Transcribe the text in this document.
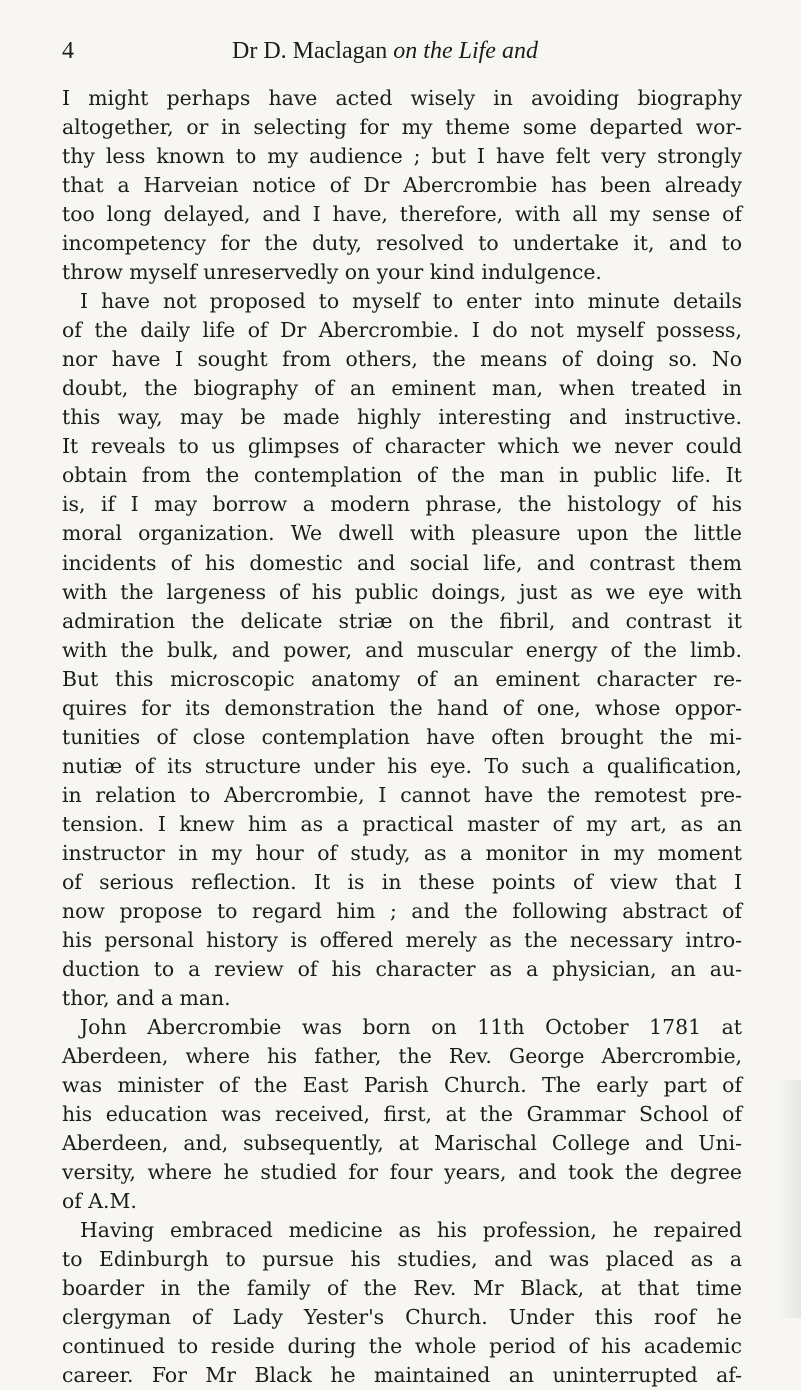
4	Dr D. Maclagan on the Life and
I might perhaps have acted wisely in avoiding biography
altogether, or in selecting for my theme some departed wor-
thy less known to my audience ; but I have felt very strongly
that a Harveian notice of Dr Abercrombie has been already
too long delayed, and I have, therefore, with all my sense of
incompetency for the duty, resolved to undertake it, and to
throw myself unreservedly on your kind indulgence.
I have not proposed to myself to enter into minute details
of the daily life of Dr Abercrombie. I do not myself possess,
nor have I sought from others, the means of doing so. No
doubt, the biography of an eminent man, when treated in
this way, may be made highly interesting and instructive.
It reveals to us glimpses of character which we never could
obtain from the contemplation of the man in public life. It
is, if I may borrow a modern phrase, the histology of his
moral organization. We dwell with pleasure upon the little
incidents of his domestic and social life, and contrast them
with the largeness of his public doings, just as we eye with
admiration the delicate striæ on the fibril, and contrast it
with the bulk, and power, and muscular energy of the limb.
But this microscopic anatomy of an eminent character re-
quires for its demonstration the hand of one, whose oppor-
tunities of close contemplation have often brought the mi-
nutiæ of its structure under his eye. To such a qualification,
in relation to Abercrombie, I cannot have the remotest pre-
tension. I knew him as a practical master of my art, as an
instructor in my hour of study, as a monitor in my moment
of serious reflection. It is in these points of view that I
now propose to regard him ; and the following abstract of
his personal history is offered merely as the necessary intro-
duction to a review of his character as a physician, an au-
thor, and a man.
John Abercrombie was born on 11th October 1781 at
Aberdeen, where his father, the Rev. George Abercrombie,
was minister of the East Parish Church. The early part of
his education was received, first, at the Grammar School of
Aberdeen, and, subsequently, at Marischal College and Uni-
versity, where he studied for four years, and took the degree
of A.M.
Having embraced medicine as his profession, he repaired
to Edinburgh to pursue his studies, and was placed as a
boarder in the family of the Rev. Mr Black, at that time
clergyman of Lady Yester's Church. Under this roof he
continued to reside during the whole period of his academic
career. For Mr Black he maintained an uninterrupted af-
